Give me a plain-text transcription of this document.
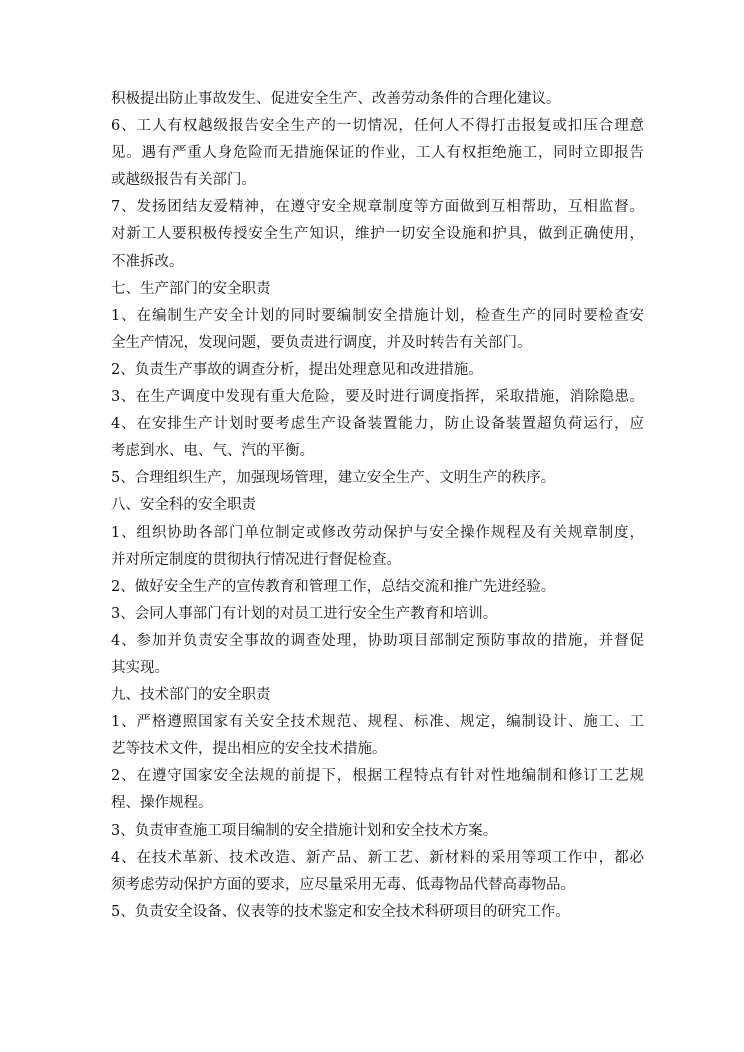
积极提出防止事故发生、促进安全生产、改善劳动条件的合理化建议。
6、工人有权越级报告安全生产的一切情况，任何人不得打击报复或扣压合理意
见。遇有严重人身危险而无措施保证的作业，工人有权拒绝施工，同时立即报告
或越级报告有关部门。
7、发扬团结友爱精神，在遵守安全规章制度等方面做到互相帮助，互相监督。
对新工人要积极传授安全生产知识，维护一切安全设施和护具，做到正确使用，
不准拆改。
七、生产部门的安全职责
1、在编制生产安全计划的同时要编制安全措施计划，检查生产的同时要检查安
全生产情况，发现问题，要负责进行调度，并及时转告有关部门。
2、负责生产事故的调查分析，提出处理意见和改进措施。
3、在生产调度中发现有重大危险，要及时进行调度指挥，采取措施，消除隐患。
4、在安排生产计划时要考虑生产设备装置能力，防止设备装置超负荷运行，应
考虑到水、电、气、汽的平衡。
5、合理组织生产，加强现场管理，建立安全生产、文明生产的秩序。
八、安全科的安全职责
1、组织协助各部门单位制定或修改劳动保护与安全操作规程及有关规章制度，
并对所定制度的贯彻执行情况进行督促检查。
2、做好安全生产的宣传教育和管理工作，总结交流和推广先进经验。
3、会同人事部门有计划的对员工进行安全生产教育和培训。
4、参加并负责安全事故的调查处理，协助项目部制定预防事故的措施，并督促
其实现。
九、技术部门的安全职责
1、严格遵照国家有关安全技术规范、规程、标准、规定，编制设计、施工、工
艺等技术文件，提出相应的安全技术措施。
2、在遵守国家安全法规的前提下，根据工程特点有针对性地编制和修订工艺规
程、操作规程。
3、负责审查施工项目编制的安全措施计划和安全技术方案。
4、在技术革新、技术改造、新产品、新工艺、新材料的采用等项工作中，都必
须考虑劳动保护方面的要求，应尽量采用无毒、低毒物品代替高毒物品。
5、负责安全设备、仪表等的技术鉴定和安全技术科研项目的研究工作。
